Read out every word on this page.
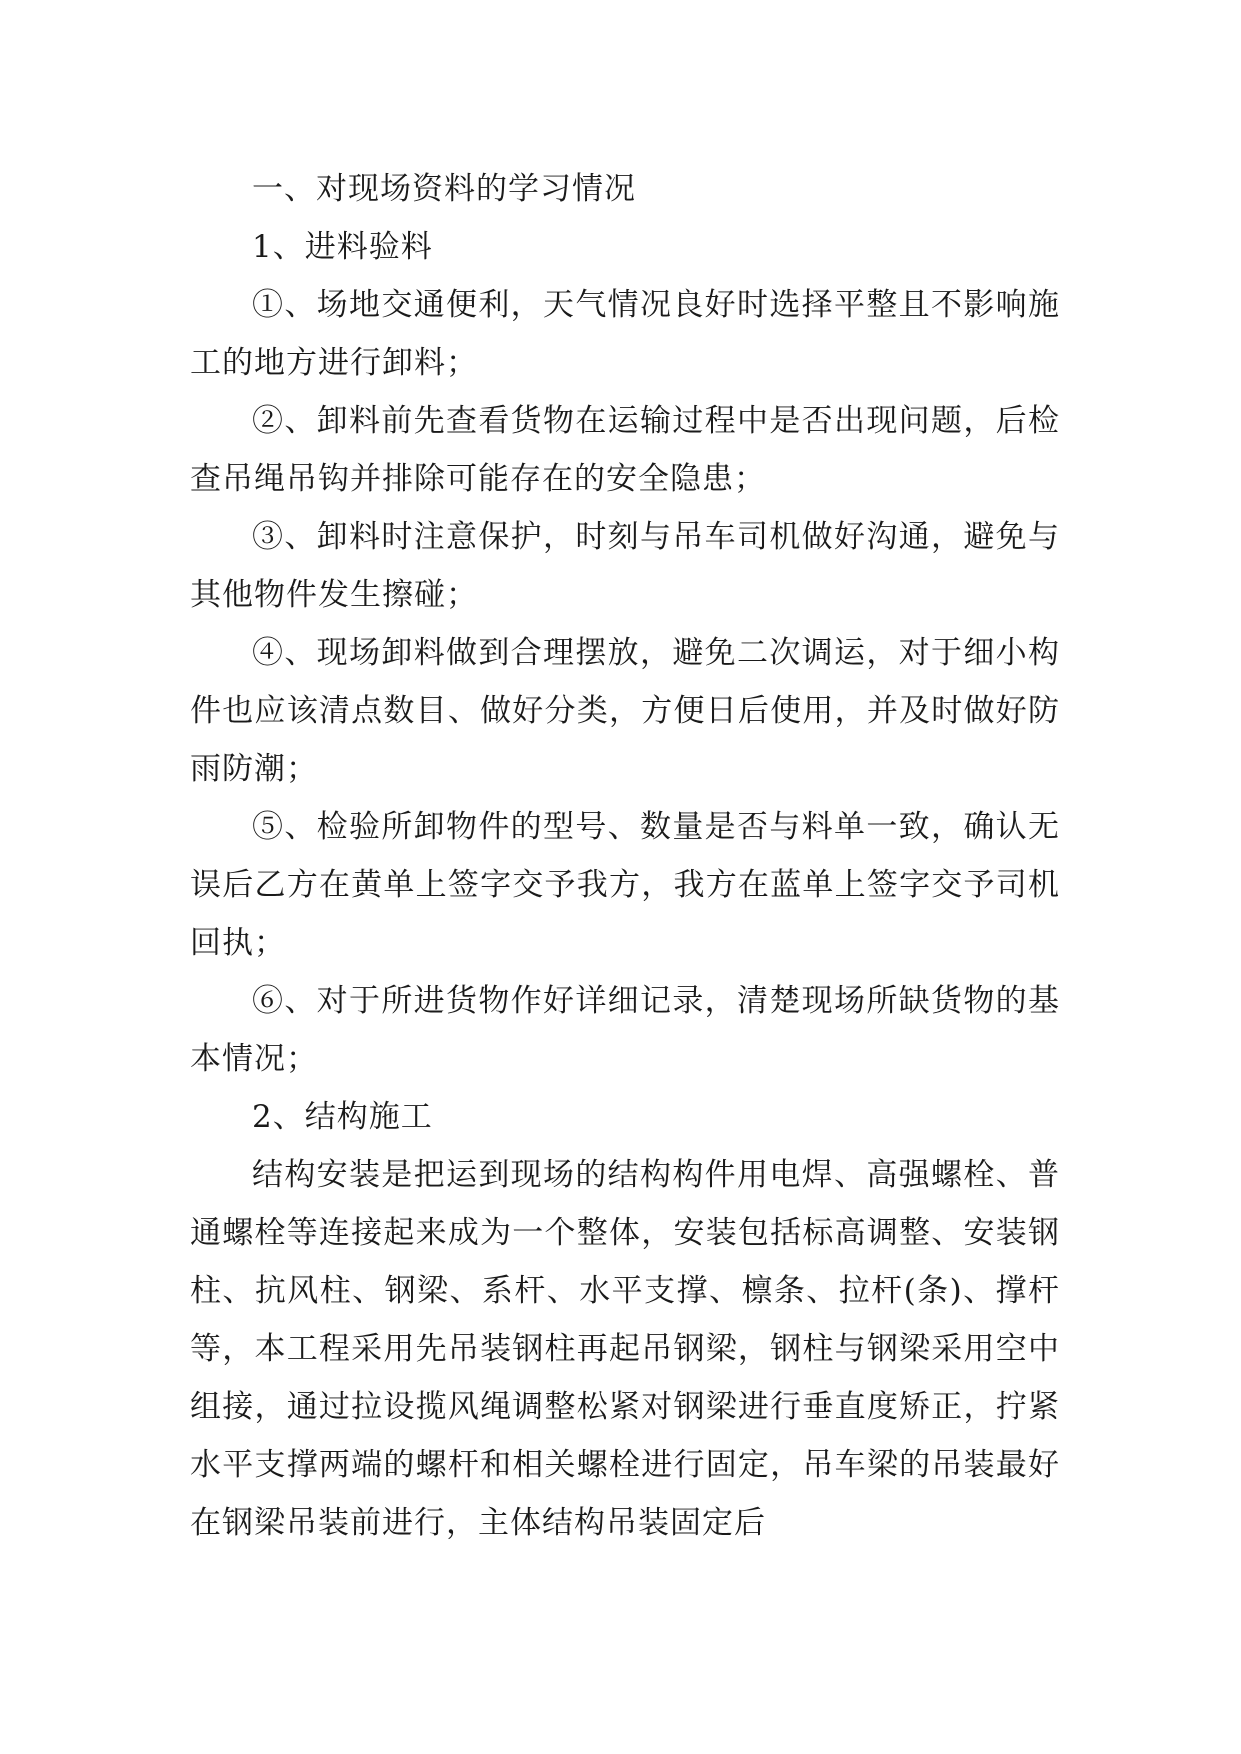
一、对现场资料的学习情况

1、进料验料

①、场地交通便利，天气情况良好时选择平整且不影响施工的地方进行卸料；

②、卸料前先查看货物在运输过程中是否出现问题，后检查吊绳吊钩并排除可能存在的安全隐患；

③、卸料时注意保护，时刻与吊车司机做好沟通，避免与其他物件发生擦碰；

④、现场卸料做到合理摆放，避免二次调运，对于细小构件也应该清点数目、做好分类，方便日后使用，并及时做好防雨防潮；

⑤、检验所卸物件的型号、数量是否与料单一致，确认无误后乙方在黄单上签字交予我方，我方在蓝单上签字交予司机回执；

⑥、对于所进货物作好详细记录，清楚现场所缺货物的基本情况；

2、结构施工

结构安装是把运到现场的结构构件用电焊、高强螺栓、普通螺栓等连接起来成为一个整体，安装包括标高调整、安装钢柱、抗风柱、钢梁、系杆、水平支撑、檩条、拉杆(条)、撑杆等，本工程采用先吊装钢柱再起吊钢梁，钢柱与钢梁采用空中组接，通过拉设揽风绳调整松紧对钢梁进行垂直度矫正，拧紧水平支撑两端的螺杆和相关螺栓进行固定，吊车梁的吊装最好在钢梁吊装前进行，主体结构吊装固定后
